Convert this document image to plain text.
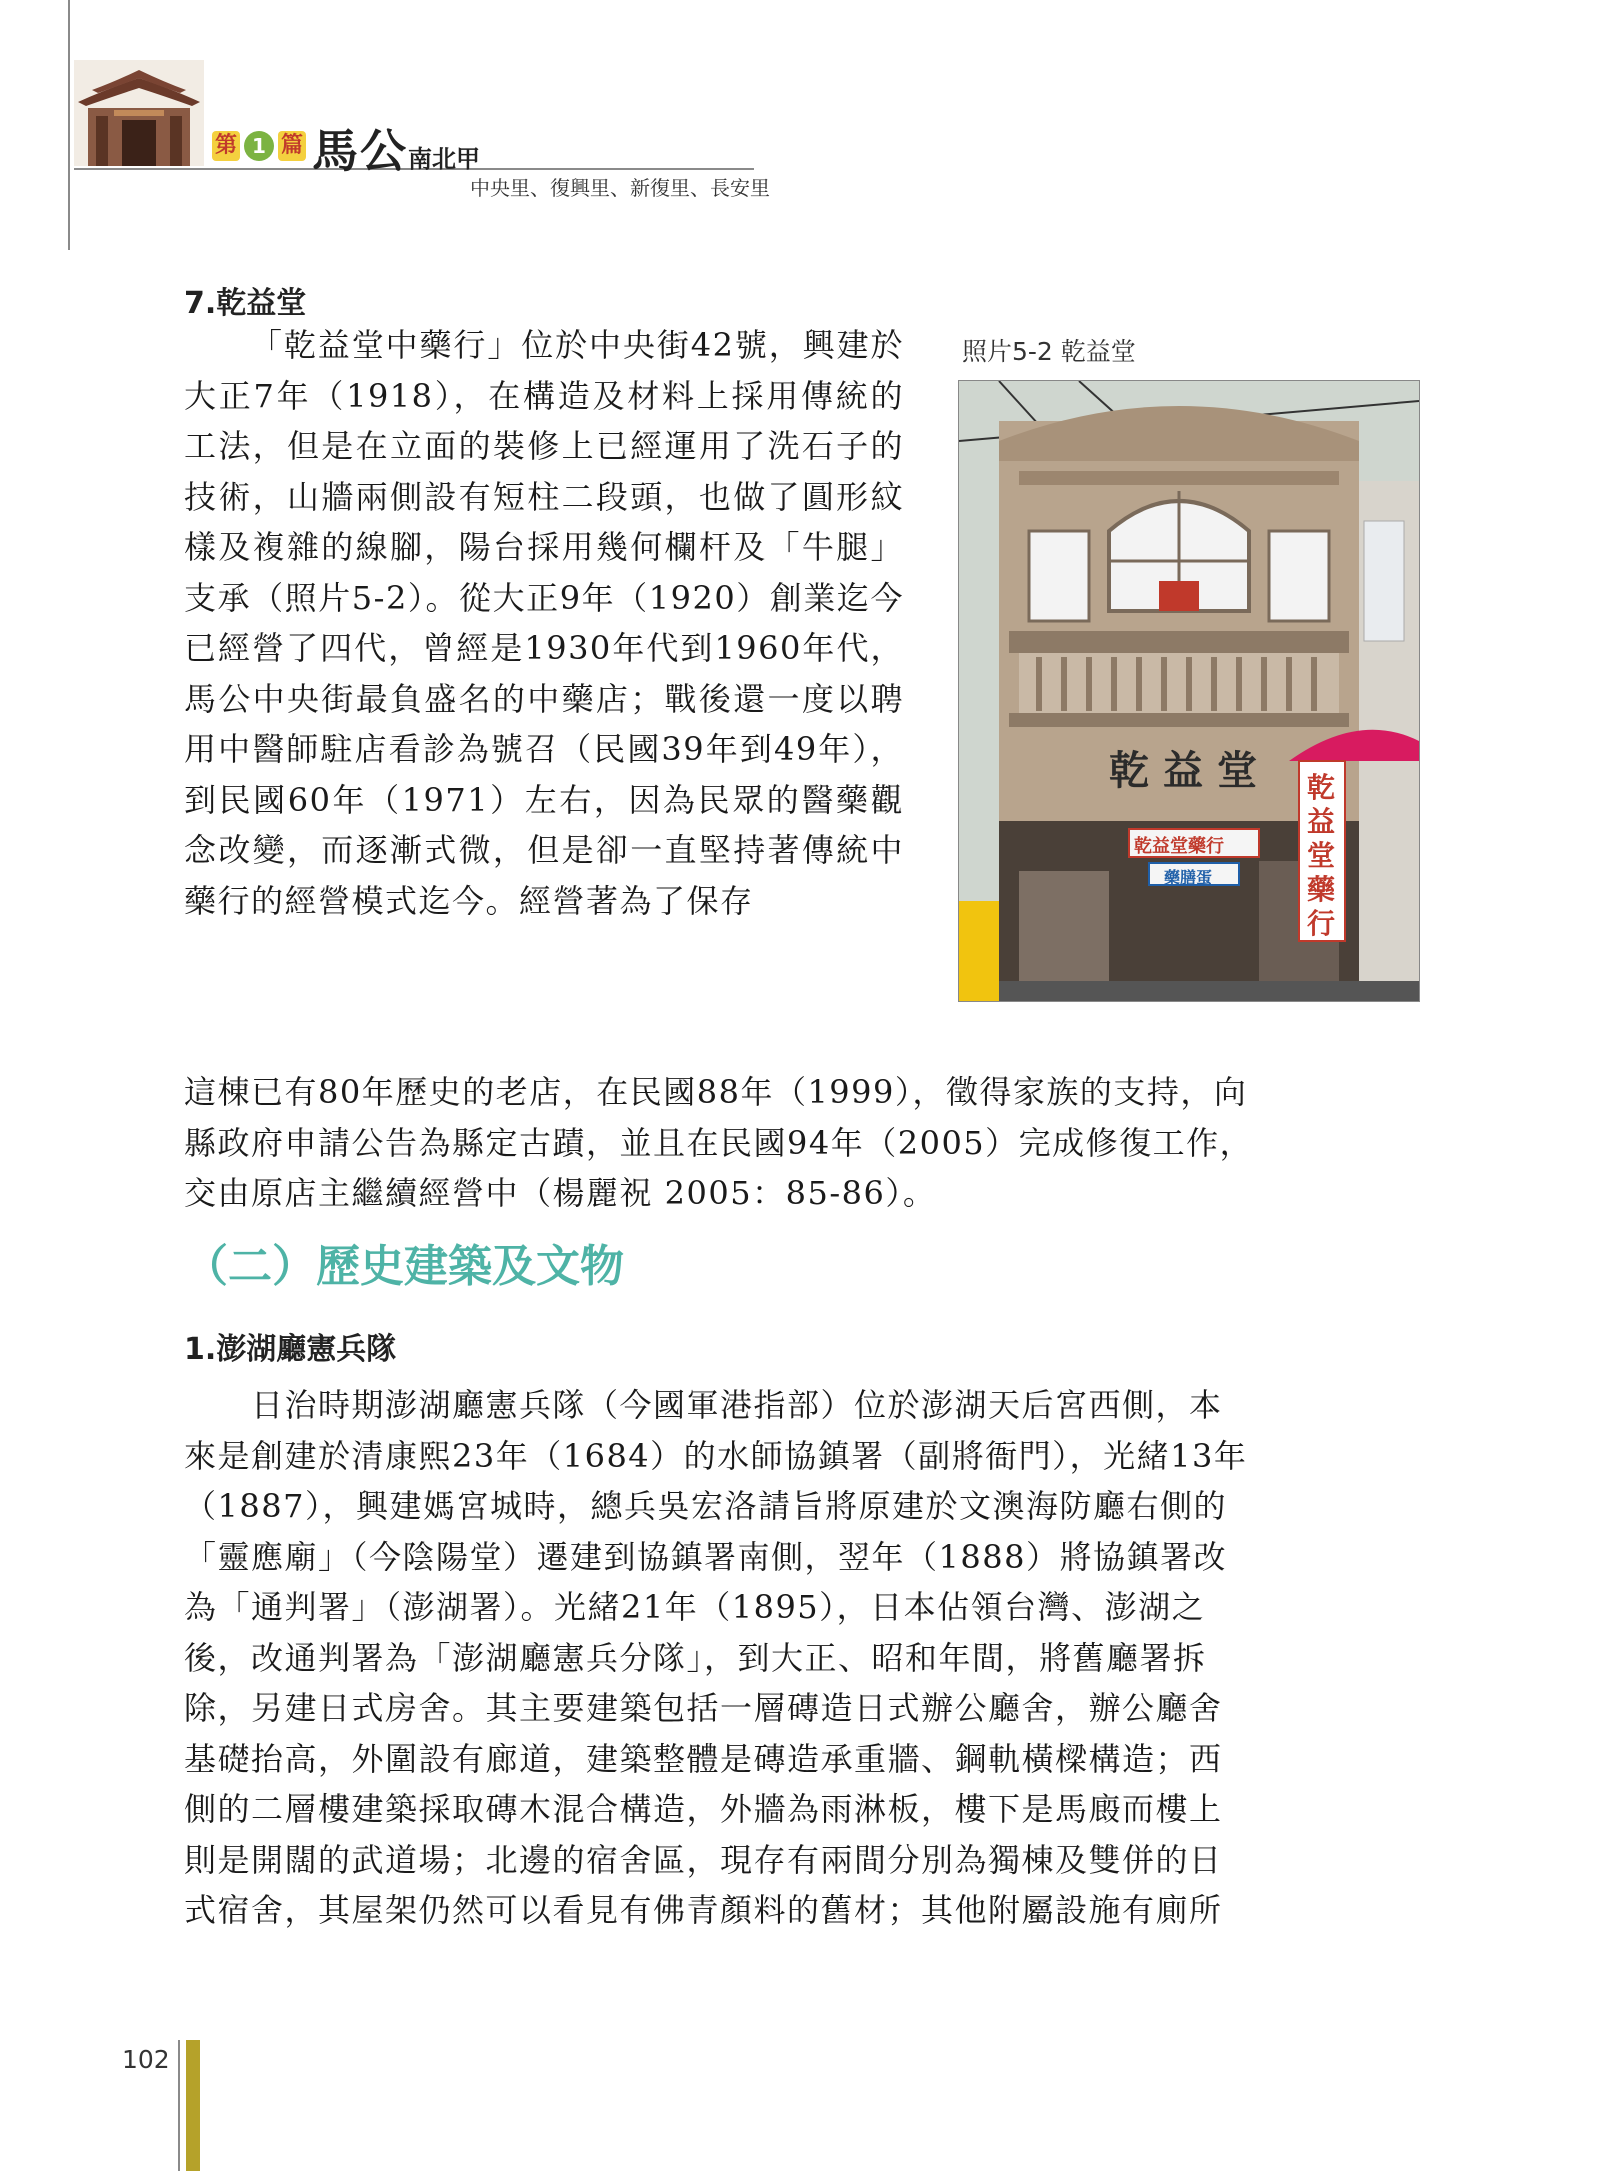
第 1 篇 馬公南北甲
中央里、復興里、新復里、長安里
7.乾益堂

「乾益堂中藥行」位於中央街42號，興建於大正7年（1918），在構造及材料上採用傳統的工法，但是在立面的裝修上已經運用了洗石子的技術，山牆兩側設有短柱二段頭，也做了圓形紋樣及複雜的線腳，陽台採用幾何欄杆及「牛腿」支承（照片5-2）。從大正9年（1920）創業迄今已經營了四代，曾經是1930年代到1960年代，馬公中央街最負盛名的中藥店；戰後還一度以聘用中醫師駐店看診為號召（民國39年到49年），到民國60年（1971）左右，因為民眾的醫藥觀念改變，而逐漸式微，但是卻一直堅持著傳統中藥行的經營模式迄今。經營著為了保存

照片5-2 乾益堂
乾益堂
乾益堂藥行
藥膳蛋
乾益堂藥行

這棟已有80年歷史的老店，在民國88年（1999），徵得家族的支持，向
縣政府申請公告為縣定古蹟，並且在民國94年（2005）完成修復工作，
交由原店主繼續經營中（楊麗祝 2005：85-86）。

（二）歷史建築及文物
1.澎湖廳憲兵隊

　　日治時期澎湖廳憲兵隊（今國軍港指部）位於澎湖天后宮西側，本
來是創建於清康熙23年（1684）的水師協鎮署（副將衙門），光緒13年
（1887），興建媽宮城時，總兵吳宏洛請旨將原建於文澳海防廳右側的
「靈應廟」（今陰陽堂）遷建到協鎮署南側，翌年（1888）將協鎮署改
為「通判署」（澎湖署）。光緒21年（1895），日本佔領台灣、澎湖之
後，改通判署為「澎湖廳憲兵分隊」，到大正、昭和年間，將舊廳署拆
除，另建日式房舍。其主要建築包括一層磚造日式辦公廳舍，辦公廳舍
基礎抬高，外圍設有廊道，建築整體是磚造承重牆、鋼軌橫樑構造；西
側的二層樓建築採取磚木混合構造，外牆為雨淋板，樓下是馬廄而樓上
則是開闊的武道場；北邊的宿舍區，現存有兩間分別為獨棟及雙併的日
式宿舍，其屋架仍然可以看見有佛青顏料的舊材；其他附屬設施有廁所

102
